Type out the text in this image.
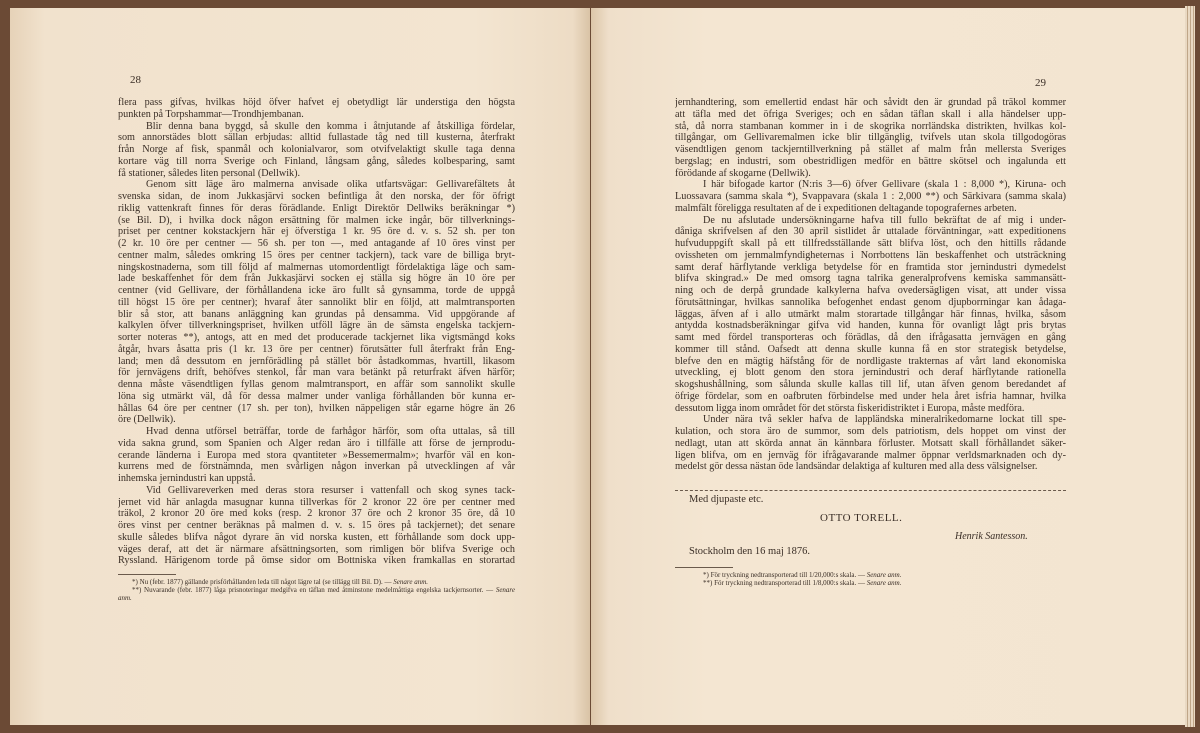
28
flera pass gifvas, hvilkas höjd öfver hafvet ej obetydligt lär understiga den högsta
punkten på Torpshammar—Trondhjembanan.
Blir denna bana byggd, så skulle den komma i åtnjutande af åtskilliga fördelar,
som annorstädes blott sällan erbjudas: alltid fullastade tåg ned till kusterna, återfrakt
från Norge af fisk, spanmål och kolonialvaror, som otvifvelaktigt skulle taga denna
kortare väg till norra Sverige och Finland, långsam gång, således kolbesparing, samt
få stationer, således liten personal (Dellwik).
Genom sitt läge äro malmerna anvisade olika utfartsvägar: Gellivarefältets åt
svenska sidan, de inom Jukkasjärvi socken befintliga åt den norska, der för öfrigt
riklig vattenkraft finnes för deras förädlande. Enligt Direktör Dellwiks beräkningar *)
(se Bil. D), i hvilka dock någon ersättning för malmen icke ingår, bör tillverknings-
priset per centner kokstackjern här ej öfverstiga 1 kr. 95 öre d. v. s. 52 sh. per ton
(2 kr. 10 öre per centner — 56 sh. per ton —, med antagande af 10 öres vinst per
centner malm, således omkring 15 öres per centner tackjern), tack vare de billiga bryt-
ningskostnaderna, som till följd af malmernas utomordentligt fördelaktiga läge och sam-
lade beskaffenhet för dem från Jukkasjärvi socken ej ställa sig högre än 10 öre per
centner (vid Gellivare, der förhållandena icke äro fullt så gynsamma, torde de uppgå
till högst 15 öre per centner); hvaraf åter sannolikt blir en följd, att malmtransporten
blir så stor, att banans anläggning kan grundas på densamma. Vid uppgörande af
kalkylen öfver tillverkningspriset, hvilken utföll lägre än de sämsta engelska tackjern-
sorter noteras **), antogs, att en med det producerade tackjernet lika vigtsmängd koks
åtgår, hvars åsatta pris (1 kr. 13 öre per centner) förutsätter full återfrakt från Eng-
land; men då dessutom en jernförädling på stället bör åstadkommas, hvartill, likasom
för jernvägens drift, behöfves stenkol, får man vara betänkt på returfrakt äfven härför;
denna måste väsendtligen fyllas genom malmtransport, en affär som sannolikt skulle
löna sig utmärkt väl, då för dessa malmer under vanliga förhållanden bör kunna er-
hållas 64 öre per centner (17 sh. per ton), hvilken näppeligen står egarne högre än 26
öre (Dellwik).
Hvad denna utförsel beträffar, torde de farhågor härför, som ofta uttalas, så till
vida sakna grund, som Spanien och Alger redan äro i tillfälle att förse de jernprodu-
cerande länderna i Europa med stora qvantiteter »Bessemermalm»; hvarför väl en kon-
kurrens med de förstnämnda, men svårligen någon inverkan på utvecklingen af vår
inhemska jernindustri kan uppstå.
Vid Gellivareverken med deras stora resurser i vattenfall och skog synes tack-
jernet vid här anlagda masugnar kunna tillverkas för 2 kronor 22 öre per centner med
träkol, 2 kronor 20 öre med koks (resp. 2 kronor 37 öre och 2 kronor 35 öre, då 10
öres vinst per centner beräknas på malmen d. v. s. 15 öres på tackjernet); det senare
skulle således blifva något dyrare än vid norska kusten, ett förhållande som dock upp-
väges deraf, att det är närmare afsättningsorten, som rimligen bör blifva Sverige och
Ryssland. Härigenom torde på ömse sidor om Bottniska viken framkallas en storartad
*) Nu (febr. 1877) gällande prisförhållanden leda till något lägre tal (se tillägg till Bil. D). — Senare anm.
**) Nuvarande (febr. 1877) låga prisnoteringar medgifva en täflan med åtminstone medelmåttiga engelska tackjernsorter. — Senare anm.
29
jernhandtering, som emellertid endast här och såvidt den är grundad på träkol kommer
att täfla med det öfriga Sveriges; och en sådan täflan skall i alla händelser upp-
stå, då norra stambanan kommer in i de skogrika norrländska distrikten, hvilkas kol-
tillgångar, om Gellivaremalmen icke blir tillgänglig, tvifvels utan skola tillgodogöras
väsendtligen genom tackjerntillverkning på stället af malm från mellersta Sveriges
bergslag; en industri, som obestridligen medför en bättre skötsel och ingalunda ett
förödande af skogarne (Dellwik).
I här bifogade kartor (N:ris 3—6) öfver Gellivare (skala 1 : 8,000 *), Kiruna- och
Luossavara (samma skala *), Svappavara (skala 1 : 2,000 **) och Särkivara (samma skala)
malmfält föreligga resultaten af de i expeditionen deltagande topografernes arbeten.
De nu afslutade undersökningarne hafva till fullo bekräftat de af mig i under-
dåniga skrifvelsen af den 30 april sistlidet år uttalade förväntningar, »att expeditionens
hufvuduppgift skall på ett tillfredsställande sätt blifva löst, och den hittills rådande
ovissheten om jernmalmfyndigheternas i Norrbottens län beskaffenhet och utsträckning
samt deraf härflytande verkliga betydelse för en framtida stor jernindustri dymedelst
blifva skingrad.» De med omsorg tagna talrika generalprofvens kemiska sammansätt-
ning och de derpå grundade kalkylerna hafva ovedersägligen visat, att under vissa
förutsättningar, hvilkas sannolika befogenhet endast genom djupborrningar kan ådaga-
läggas, äfven af i allo utmärkt malm storartade tillgångar här finnas, hvilka, såsom
antydda kostnadsberäkningar gifva vid handen, kunna för ovanligt lågt pris brytas
samt med fördel transporteras och förädlas, då den ifrågasatta jernvägen en gång
kommer till stånd. Oafsedt att denna skulle kunna få en stor strategisk betydelse,
blefve den en mägtig häfstång för de nordligaste trakternas af vårt land ekonomiska
utveckling, ej blott genom den stora jernindustri och deraf härflytande rationella
skogshushållning, som sålunda skulle kallas till lif, utan äfven genom beredandet af
öfrige fördelar, som en oafbruten förbindelse med under hela året isfria hamnar, hvilka
dessutom ligga inom området för det största fiskeridistriktet i Europa, måste medföra.
Under nära två sekler hafva de lappländska mineralrikedomarne lockat till spe-
kulation, och stora äro de summor, som dels patriotism, dels hoppet om vinst der
nedlagt, utan att skörda annat än kännbara förluster. Motsatt skall förhållandet säker-
ligen blifva, om en jernväg för ifrågavarande malmer öppnar verldsmarknaden och dy-
medelst gör dessa nästan öde landsändar delaktiga af kulturen med alla dess välsignelser.
Med djupaste etc.
OTTO TORELL.
Henrik Santesson.
Stockholm den 16 maj 1876.
*) För tryckning nedtransporterad till 1/20,000:s skala. — Senare anm.
**) För tryckning nedtransporterad till 1/8,000:s skala. — Senare anm.
